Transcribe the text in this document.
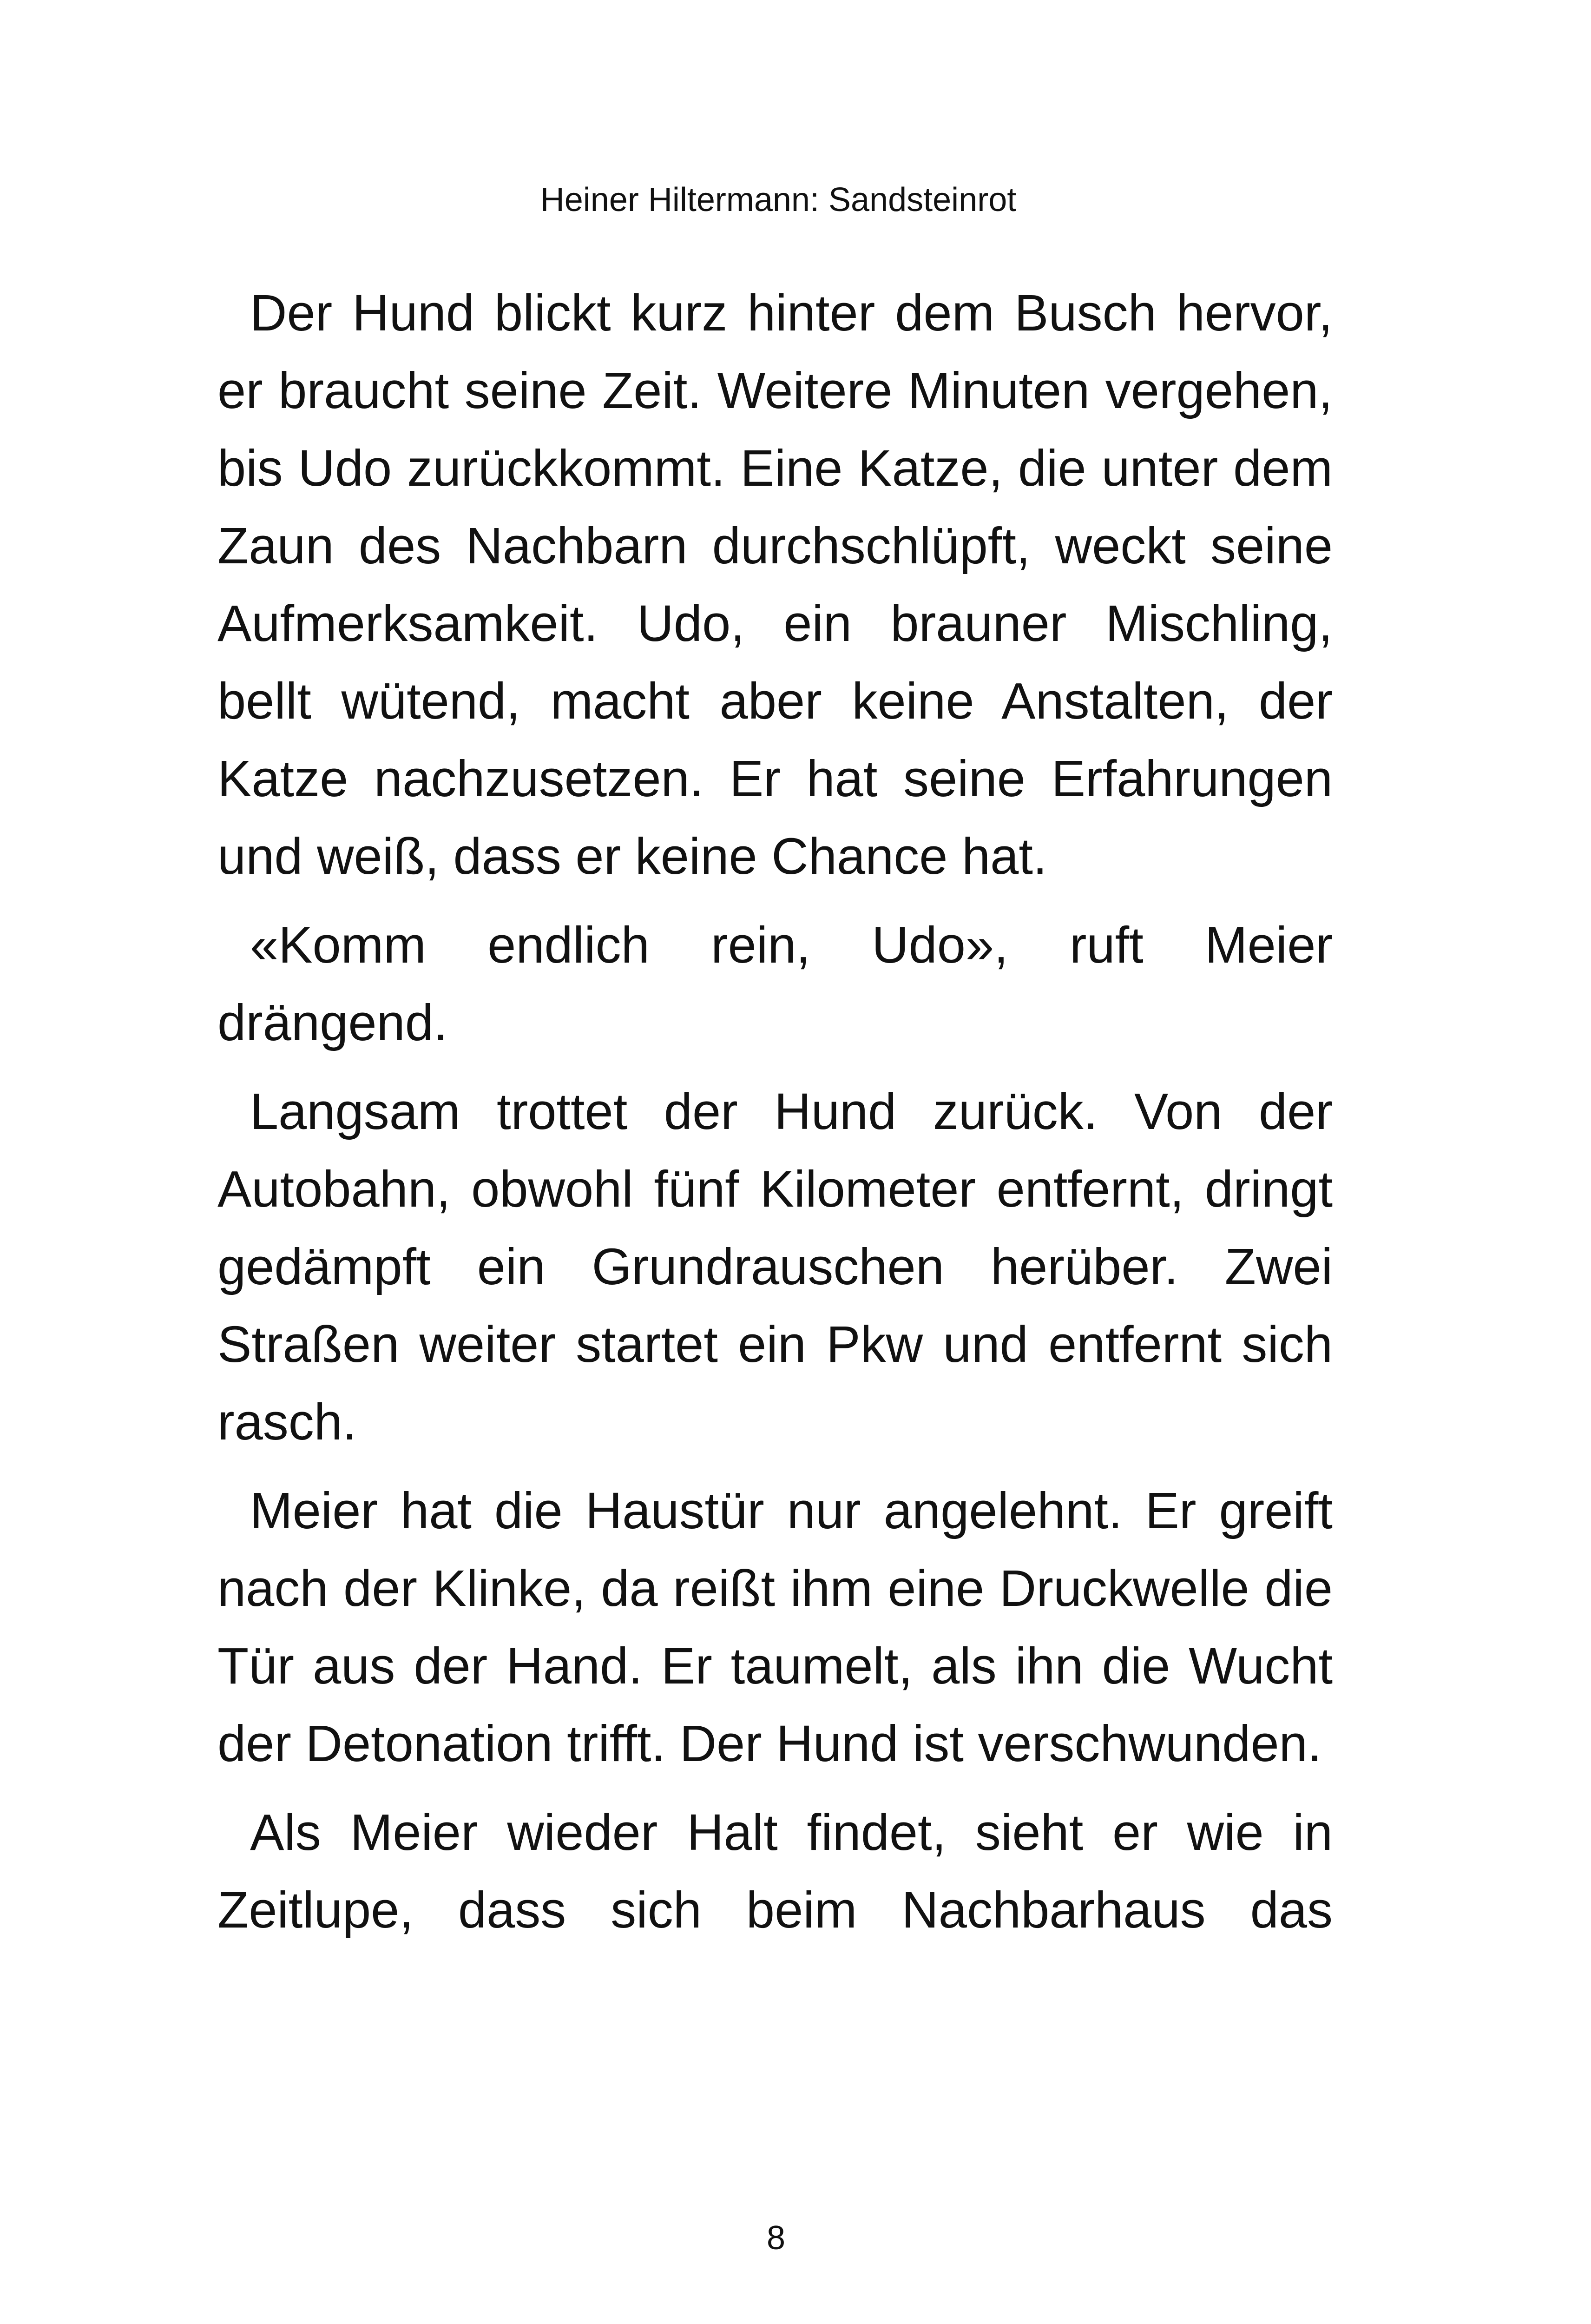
Heiner Hiltermann: Sandsteinrot

Der Hund blickt kurz hinter dem Busch hervor, er braucht seine Zeit. Weitere Minuten vergehen, bis Udo zurückkommt. Eine Katze, die unter dem Zaun des Nachbarn durchschlüpft, weckt seine Aufmerksamkeit. Udo, ein brauner Mischling, bellt wütend, macht aber keine Anstalten, der Katze nachzusetzen. Er hat seine Erfahrungen und weiß, dass er keine Chance hat.

«Komm endlich rein, Udo», ruft Meier drängend.

Langsam trottet der Hund zurück. Von der Autobahn, obwohl fünf Kilometer entfernt, dringt gedämpft ein Grundrauschen herüber. Zwei Straßen weiter startet ein Pkw und entfernt sich rasch.

Meier hat die Haustür nur angelehnt. Er greift nach der Klinke, da reißt ihm eine Druckwelle die Tür aus der Hand. Er taumelt, als ihn die Wucht der Detonation trifft. Der Hund ist verschwunden.

Als Meier wieder Halt findet, sieht er wie in Zeitlupe, dass sich beim Nachbarhaus das

8
